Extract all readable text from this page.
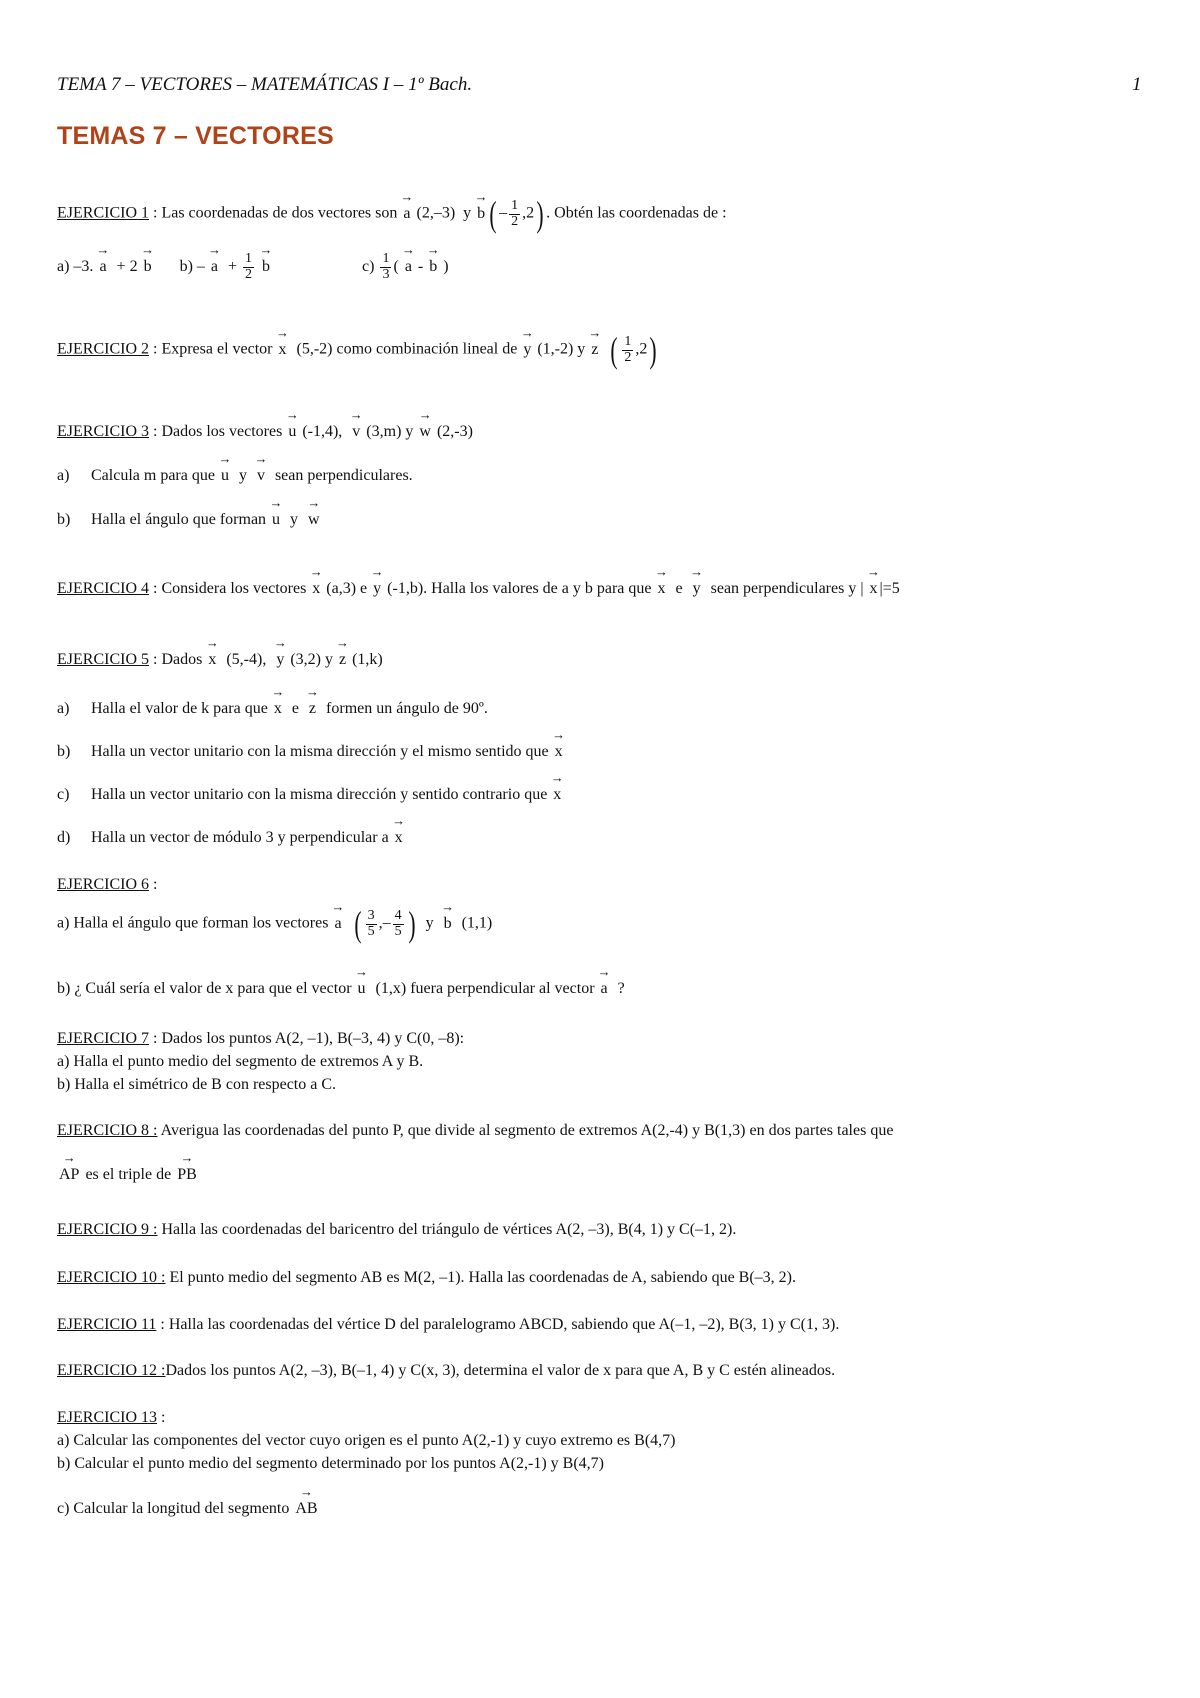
TEMA 7 – VECTORES – MATEMÁTICAS I – 1º Bach.	1
TEMAS 7 – VECTORES
EJERCICIO 1 : Las coordenadas de dos vectores son → a (2,–3) y → b ( – $\frac{1}{2} ,2$) . Obtén las coordenadas de :
a) –3. → a + 2 → b b) – → $a + \frac{1}{2}$
→ b	$c) \frac{1}{3}$ ( → a - → b )
EJERCICIO 2 : Expresa el vector → x (5,-2) como combinación lineal de → y (1,-2) y → z ( $\frac{1}{2} ,2$)
EJERCICIO 3 : Dados los vectores → u (-1,4),  → v (3,m) y → w (2,-3)
a) Calcula m para que → u y  → v sean perpendiculares.
b) Halla el ángulo que forman → u y  → w
EJERCICIO 4 : Considera los vectores → x (a,3) e → y (-1,b). Halla los valores de a y b para que → x e  → y sean perpendiculares y | → x |=5
EJERCICIO 5 : Dados → x (5,-4),  → y (3,2) y → z (1,k)
a) Halla el valor de k para que → x e  → z formen un ángulo de 90º.
b) Halla un vector unitario con la misma dirección y el mismo sentido que → x
c) Halla un vector unitario con la misma dirección y sentido contrario que → x
d) Halla un vector de módulo 3 y perpendicular a → x
EJERCICIO 6 :
a) Halla el ángulo que forman los vectores → a ( $\frac{3}{5}$ ,– $\frac{4}{5}$ ) y  → b (1,1)
b) ¿ Cuál sería el valor de x para que el vector → u (1,x) fuera perpendicular al vector → a ?
EJERCICIO 7 : Dados los puntos A(2, –1), B(–3, 4) y C(0, –8):
a) Halla el punto medio del segmento de extremos A y B.
b) Halla el simétrico de B con respecto a C.
EJERCICIO 8 : Averigua las coordenadas del punto P, que divide al segmento de extremos A(2,-4) y B(1,3) en dos partes tales que
→ AP es el triple de → PB
EJERCICIO 9 : Halla las coordenadas del baricentro del triángulo de vértices A(2, –3), B(4, 1) y C(–1, 2).
EJERCICIO 10 : El punto medio del segmento AB es M(2, –1). Halla las coordenadas de A, sabiendo que B(–3, 2).
EJERCICIO 11 : Halla las coordenadas del vértice D del paralelogramo ABCD, sabiendo que A(–1, –2), B(3, 1) y C(1, 3).
EJERCICIO 12 :Dados los puntos A(2, –3), B(–1, 4) y C(x, 3), determina el valor de x para que A, B y C estén alineados.
EJERCICIO 13 :
a) Calcular las componentes del vector cuyo origen es el punto A(2,-1) y cuyo extremo es B(4,7)
b) Calcular el punto medio del segmento determinado por los puntos A(2,-1) y B(4,7)
c) Calcular la longitud del segmento → AB
